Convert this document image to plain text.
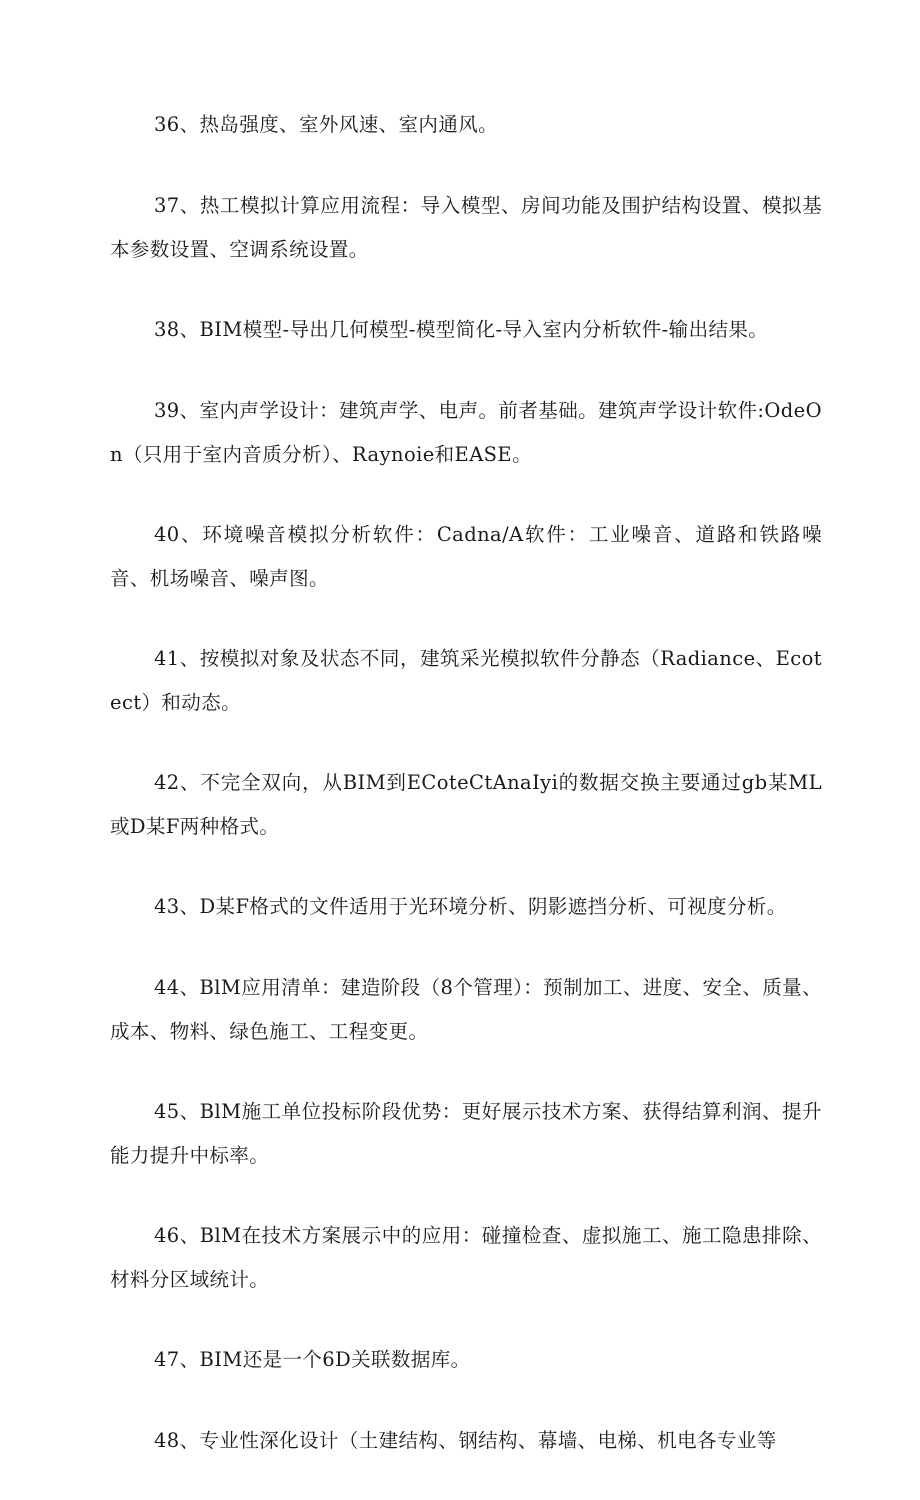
36、热岛强度、室外风速、室内通风。

37、热工模拟计算应用流程：导入模型、房间功能及围护结构设置、模拟基本参数设置、空调系统设置。

38、BIM模型-导出几何模型-模型简化-导入室内分析软件-输出结果。

39、室内声学设计：建筑声学、电声。前者基础。建筑声学设计软件:OdeOn（只用于室内音质分析）、Raynoie和EASE。

40、环境噪音模拟分析软件：Cadna/A软件：工业噪音、道路和铁路噪音、机场噪音、噪声图。

41、按模拟对象及状态不同，建筑采光模拟软件分静态（Radiance、Ecotect）和动态。

42、不完全双向，从BIM到ECoteCtAnaIyi的数据交换主要通过gb某ML或D某F两种格式。

43、D某F格式的文件适用于光环境分析、阴影遮挡分析、可视度分析。

44、BlM应用清单：建造阶段（8个管理）：预制加工、进度、安全、质量、成本、物料、绿色施工、工程变更。

45、BlM施工单位投标阶段优势：更好展示技术方案、获得结算利润、提升能力提升中标率。

46、BlM在技术方案展示中的应用：碰撞检查、虚拟施工、施工隐患排除、材料分区域统计。

47、BIM还是一个6D关联数据库。

48、专业性深化设计（土建结构、钢结构、幕墙、电梯、机电各专业等
